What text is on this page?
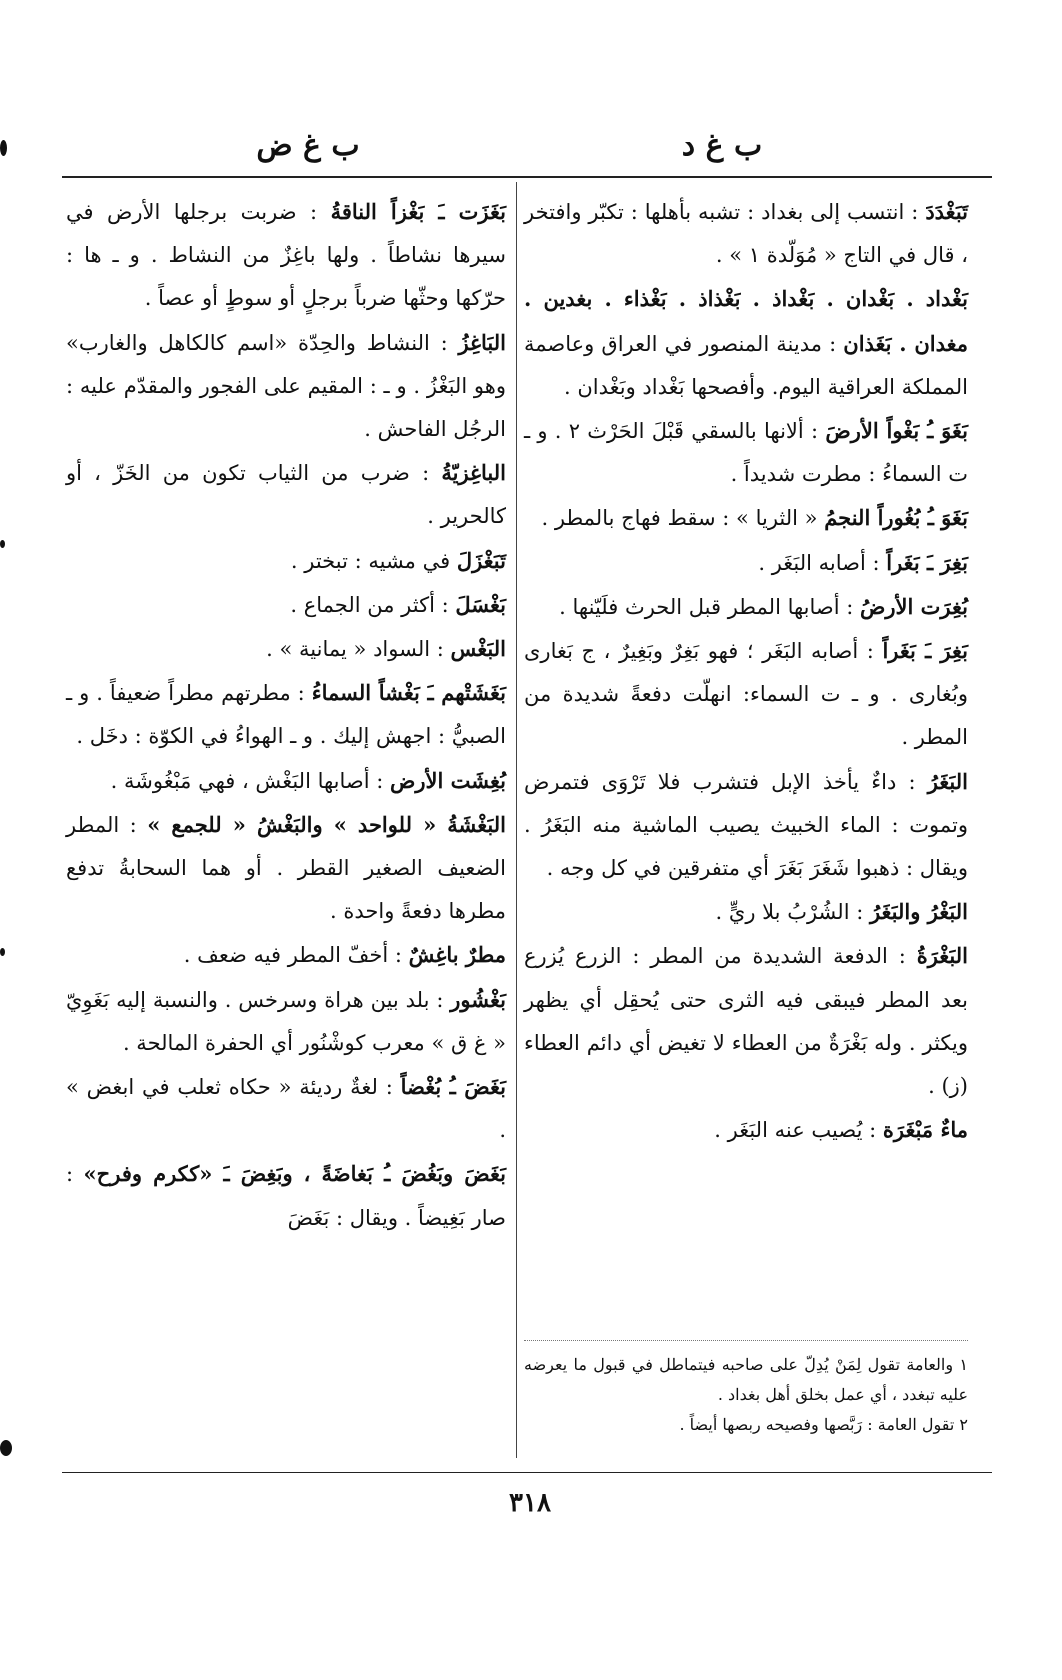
ب غ د
ب غ ض

تَبَغْدَدَ : انتسب إلى بغداد : تشبه بأهلها : تكبّر وافتخر ، قال في التاج « مُوَلّدة ١ » .

بَغْداد . بَغْدان . بَغْداذ . بَغْذاذ . بَغْذاء . بغدين . مغدان . بَغَذان : مدينة المنصور في العراق وعاصمة المملكة العراقية اليوم. وأفصحها بَغْداد وبَغْدان .

بَغَوَ ـُ بَغْواً الأرضَ : ألانها بالسقي قَبْلَ الحَرْث ٢ . و ـ ت السماءُ : مطرت شديداً .

بَغَوَ ـُ بُغُوراً النجمُ « الثريا » : سقط فهاج بالمطر .

بَغِرَ ـَ بَغَراً : أصابه البَغَر .

بُغِرَت الأرضُ : أصابها المطر قبل الحرث فلَيّنها .

بَغِرَ ـَ بَغَراً : أصابه البَغَر ؛ فهو بَغِرٌ وبَغِيرٌ ، ج بَغارى وبُغارى . و ـ ت السماء: انهلّت دفعةً شديدة من المطر .

البَغَرُ : داءٌ يأخذ الإبل فتشرب فلا تَرْوَى فتمرض وتموت : الماء الخبيث يصيب الماشية منه البَغَرُ . ويقال : ذهبوا شَغَرَ بَغَرَ أي متفرقين في كل وجه .

البَغْرُ والبَغَرُ : الشُرْبُ بلا ريٍّ .

البَغْرَةُ : الدفعة الشديدة من المطر : الزرع يُزرع بعد المطر فيبقى فيه الثرى حتى يُحقِل أي يظهر ويكثر . وله بَغْرَةٌ من العطاء لا تغيض أي دائم العطاء (ز) .

ماءٌ مَبْغَرَة : يُصيب عنه البَغَر .

١ والعامة تقول لِمَنْ يُدِلّ على صاحبه فيتماطل في قبول ما يعرضه عليه تبغدد ، أي عمل بخلق أهل بغداد .

٢ تقول العامة : رَبَّصها وفصيحه ربصها أيضاً .

بَغَزَت ـَ بَغْزاً الناقةُ : ضربت برجلها الأرض في سيرها نشاطاً . ولها باغِزٌ من النشاط . و ـ ها : حرّكها وحثّها ضرباً برجلٍ أو سوطٍ أو عصاً .

البَاغِزُ : النشاط والحِدّة «اسم كالكاهل والغارب» وهو البَغْزُ . و ـ : المقيم على الفجور والمقدّم عليه : الرجُل الفاحش .

الباغِزيّةُ : ضرب من الثياب تكون من الخَزّ ، أو كالحرير .

تَبَغْزَلَ في مشيه : تبختر .

بَغْسَلَ : أكثر من الجماع .

البَغْس : السواد « يمانية » .

بَغَشَتْهم ـَ بَغْشاً السماءُ : مطرتهم مطراً ضعيفاً . و ـ الصبيُّ : اجهش إليك . و ـ الهواءُ في الكوّة : دخَل .

بُغِشَت الأرض : أصابها البَغْش ، فهي مَبْغُوشَة .

البَغْشَةُ « للواحد » والبَغْشُ « للجمع » : المطر الضعيف الصغير القطر . أو هما السحابةُ تدفع مطرها دفعةً واحدة .

مطرٌ باغِشٌ : أخفّ المطر فيه ضعف .

بَغْشُور : بلد بين هراة وسرخس . والنسبة إليه بَغَوِيّ « غ ق » معرب كوشْنُور أي الحفرة المالحة .

بَغَضَ ـُ بُغْضاً : لغةٌ رديئة « حكاه ثعلب في ابغض » .

بَغَضَ وبَغُضَ ـُ بَغاضَةً ، وبَغِضَ ـَ «ككرم وفرح» : صار بَغِيضاً . ويقال : بَغَضَ

٣١٨
